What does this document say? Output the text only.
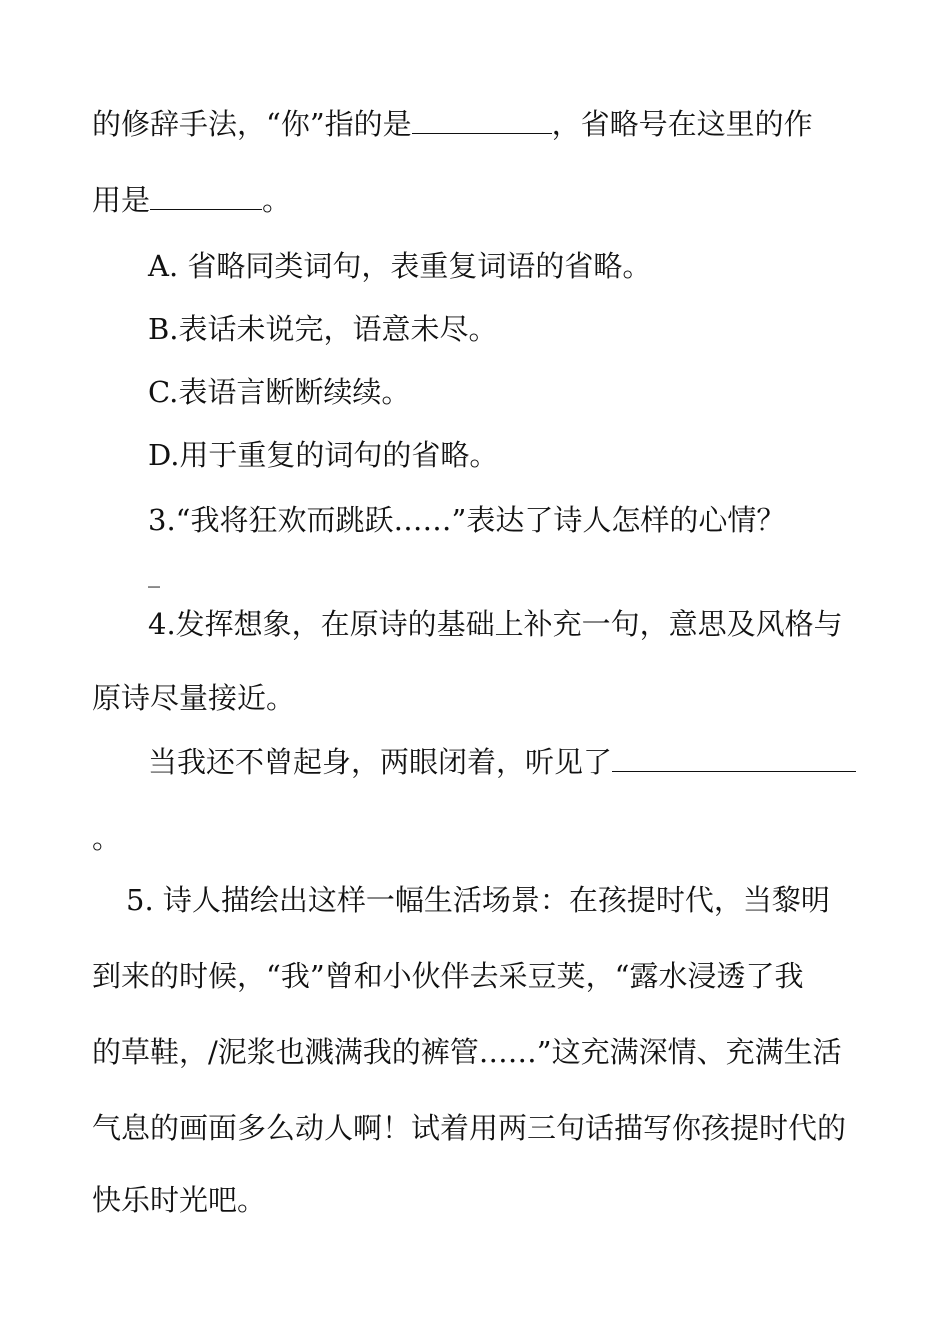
的修辞手法，“你”指的是	，省略号在这里的作
用是	。
A. 省略同类词句，表重复词语的省略。
B.表话未说完，语意未尽。
C.表语言断断续续。
D.用于重复的词句的省略。
3.“我将狂欢而跳跃……”表达了诗人怎样的心情？
_
4.发挥想象，在原诗的基础上补充一句，意思及风格与
原诗尽量接近。
当我还不曾起身，两眼闭着，听见了
。
5. 诗人描绘出这样一幅生活场景：在孩提时代，当黎明
到来的时候，“我”曾和小伙伴去采豆荚，“露水浸透了我
的草鞋，/泥浆也溅满我的裤管……”这充满深情、充满生活
气息的画面多么动人啊！试着用两三句话描写你孩提时代的
快乐时光吧。
